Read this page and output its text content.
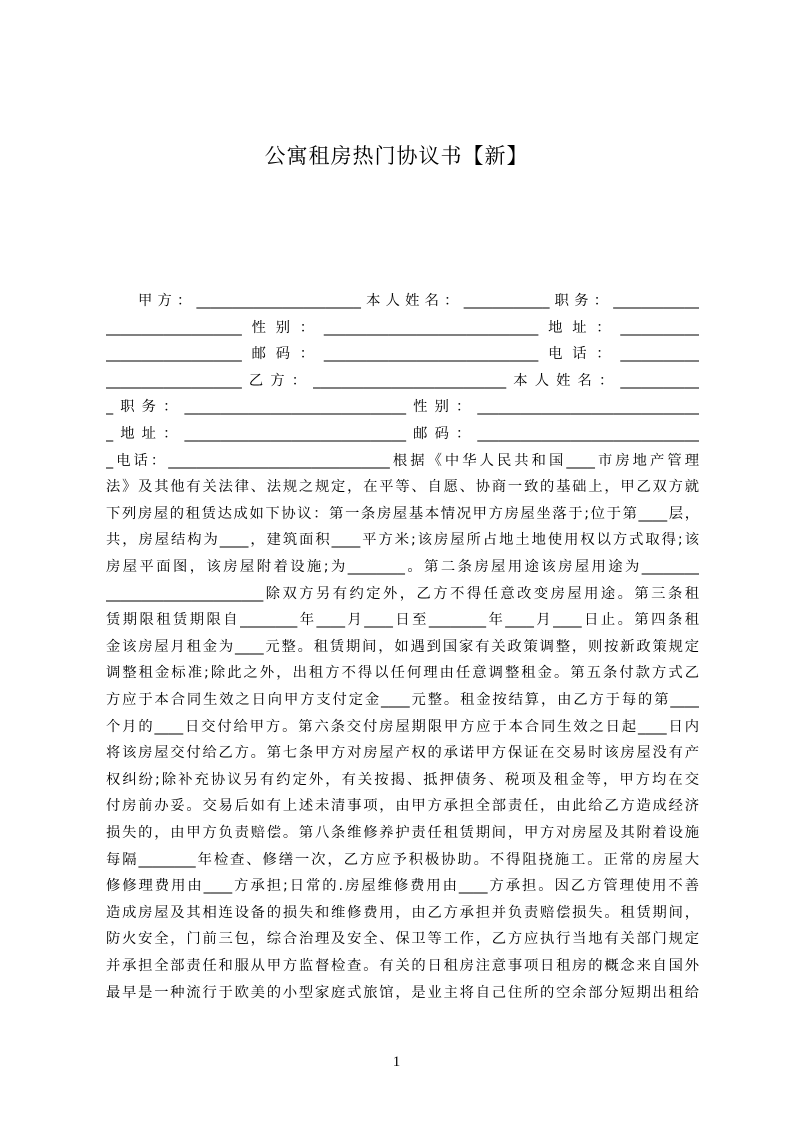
公寓租房热门协议书【新】
甲方：_______________________本人姓名：____________职务：____________
___________________性别：______________________________地址：___________
___________________邮码：______________________________电话：___________
___________________乙方：___________________________本人姓名：___________
_职务：_______________________________性别：_______________________________
_地址：_______________________________邮码：_______________________________
_电话：_______________________________根据《中华人民共和国____市房地产管理
法》及其他有关法律、法规之规定，在平等、自愿、协商一致的基础上，甲乙双方就
下列房屋的租赁达成如下协议：第一条房屋基本情况甲方房屋坐落于;位于第____层，
共，房屋结构为____，建筑面积____平方米;该房屋所占地土地使用权以方式取得;该
房屋平面图，该房屋附着设施;为________。第二条房屋用途该房屋用途为________
______________________除双方另有约定外，乙方不得任意改变房屋用途。第三条租
赁期限租赁期限自________年____月____日至________年____月____日止。第四条租
金该房屋月租金为____元整。租赁期间，如遇到国家有关政策调整，则按新政策规定
调整租金标准;除此之外，出租方不得以任何理由任意调整租金。第五条付款方式乙
方应于本合同生效之日向甲方支付定金____元整。租金按结算，由乙方于每的第____
个月的____日交付给甲方。第六条交付房屋期限甲方应于本合同生效之日起____日内
将该房屋交付给乙方。第七条甲方对房屋产权的承诺甲方保证在交易时该房屋没有产
权纠纷;除补充协议另有约定外，有关按揭、抵押债务、税项及租金等，甲方均在交
付房前办妥。交易后如有上述未清事项，由甲方承担全部责任，由此给乙方造成经济
损失的，由甲方负责赔偿。第八条维修养护责任租赁期间，甲方对房屋及其附着设施
每隔________年检查、修缮一次，乙方应予积极协助。不得阻挠施工。正常的房屋大
修修理费用由____方承担;日常的.房屋维修费用由____方承担。因乙方管理使用不善
造成房屋及其相连设备的损失和维修费用，由乙方承担并负责赔偿损失。租赁期间，
防火安全，门前三包，综合治理及安全、保卫等工作，乙方应执行当地有关部门规定
并承担全部责任和服从甲方监督检查。有关的日租房注意事项日租房的概念来自国外
最早是一种流行于欧美的小型家庭式旅馆，是业主将自己住所的空余部分短期出租给
1
